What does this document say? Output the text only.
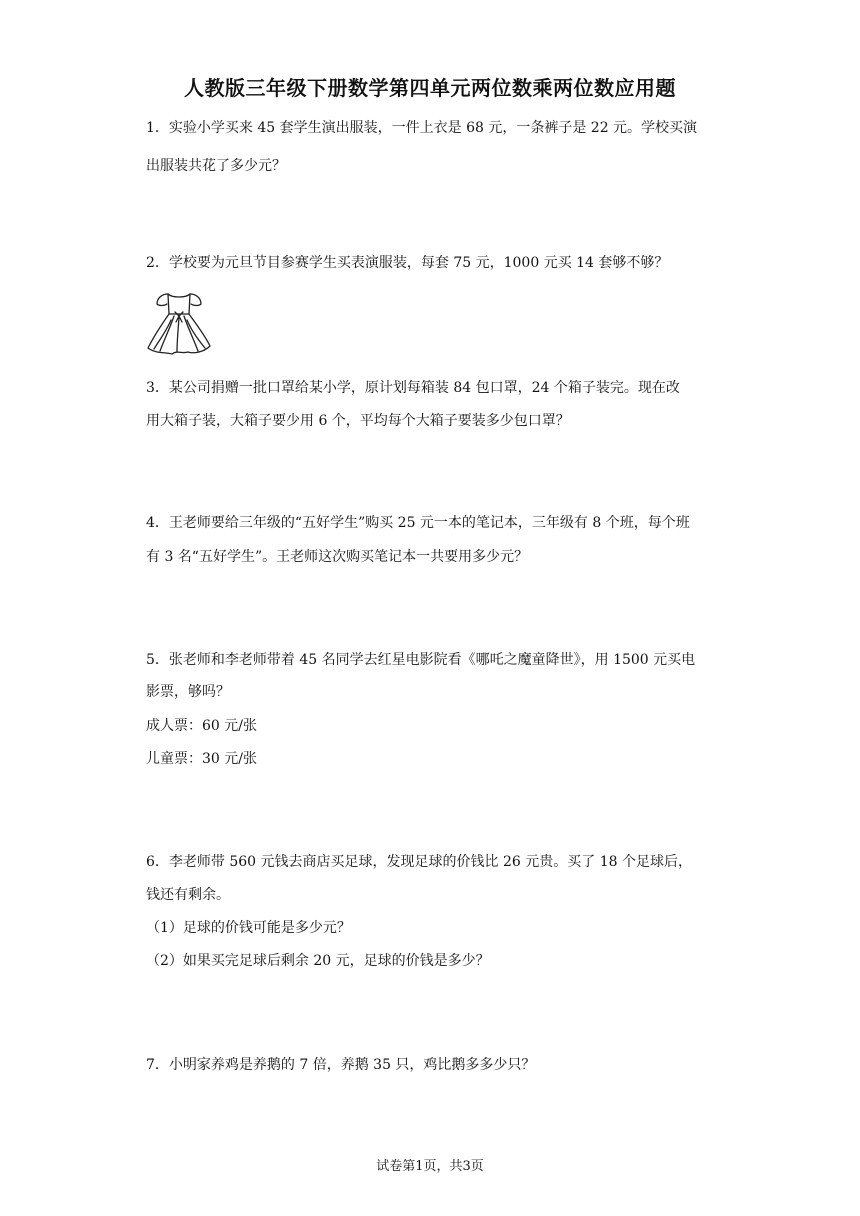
人教版三年级下册数学第四单元两位数乘两位数应用题
1．实验小学买来 45 套学生演出服装，一件上衣是 68 元，一条裤子是 22 元。学校买演
出服装共花了多少元？
2．学校要为元旦节目参赛学生买表演服装，每套 75 元，1000 元买 14 套够不够？
3．某公司捐赠一批口罩给某小学，原计划每箱装 84 包口罩，24 个箱子装完。现在改
用大箱子装，大箱子要少用 6 个，平均每个大箱子要装多少包口罩？
4．王老师要给三年级的“五好学生”购买 25 元一本的笔记本，三年级有 8 个班，每个班
有 3 名“五好学生”。王老师这次购买笔记本一共要用多少元？
5．张老师和李老师带着 45 名同学去红星电影院看《哪吒之魔童降世》，用 1500 元买电
影票，够吗？
成人票：60 元/张
儿童票：30 元/张
6．李老师带 560 元钱去商店买足球，发现足球的价钱比 26 元贵。买了 18 个足球后，
钱还有剩余。
（1）足球的价钱可能是多少元？
（2）如果买完足球后剩余 20 元，足球的价钱是多少？
7．小明家养鸡是养鹅的 7 倍，养鹅 35 只，鸡比鹅多多少只？
试卷第1页，共3页
